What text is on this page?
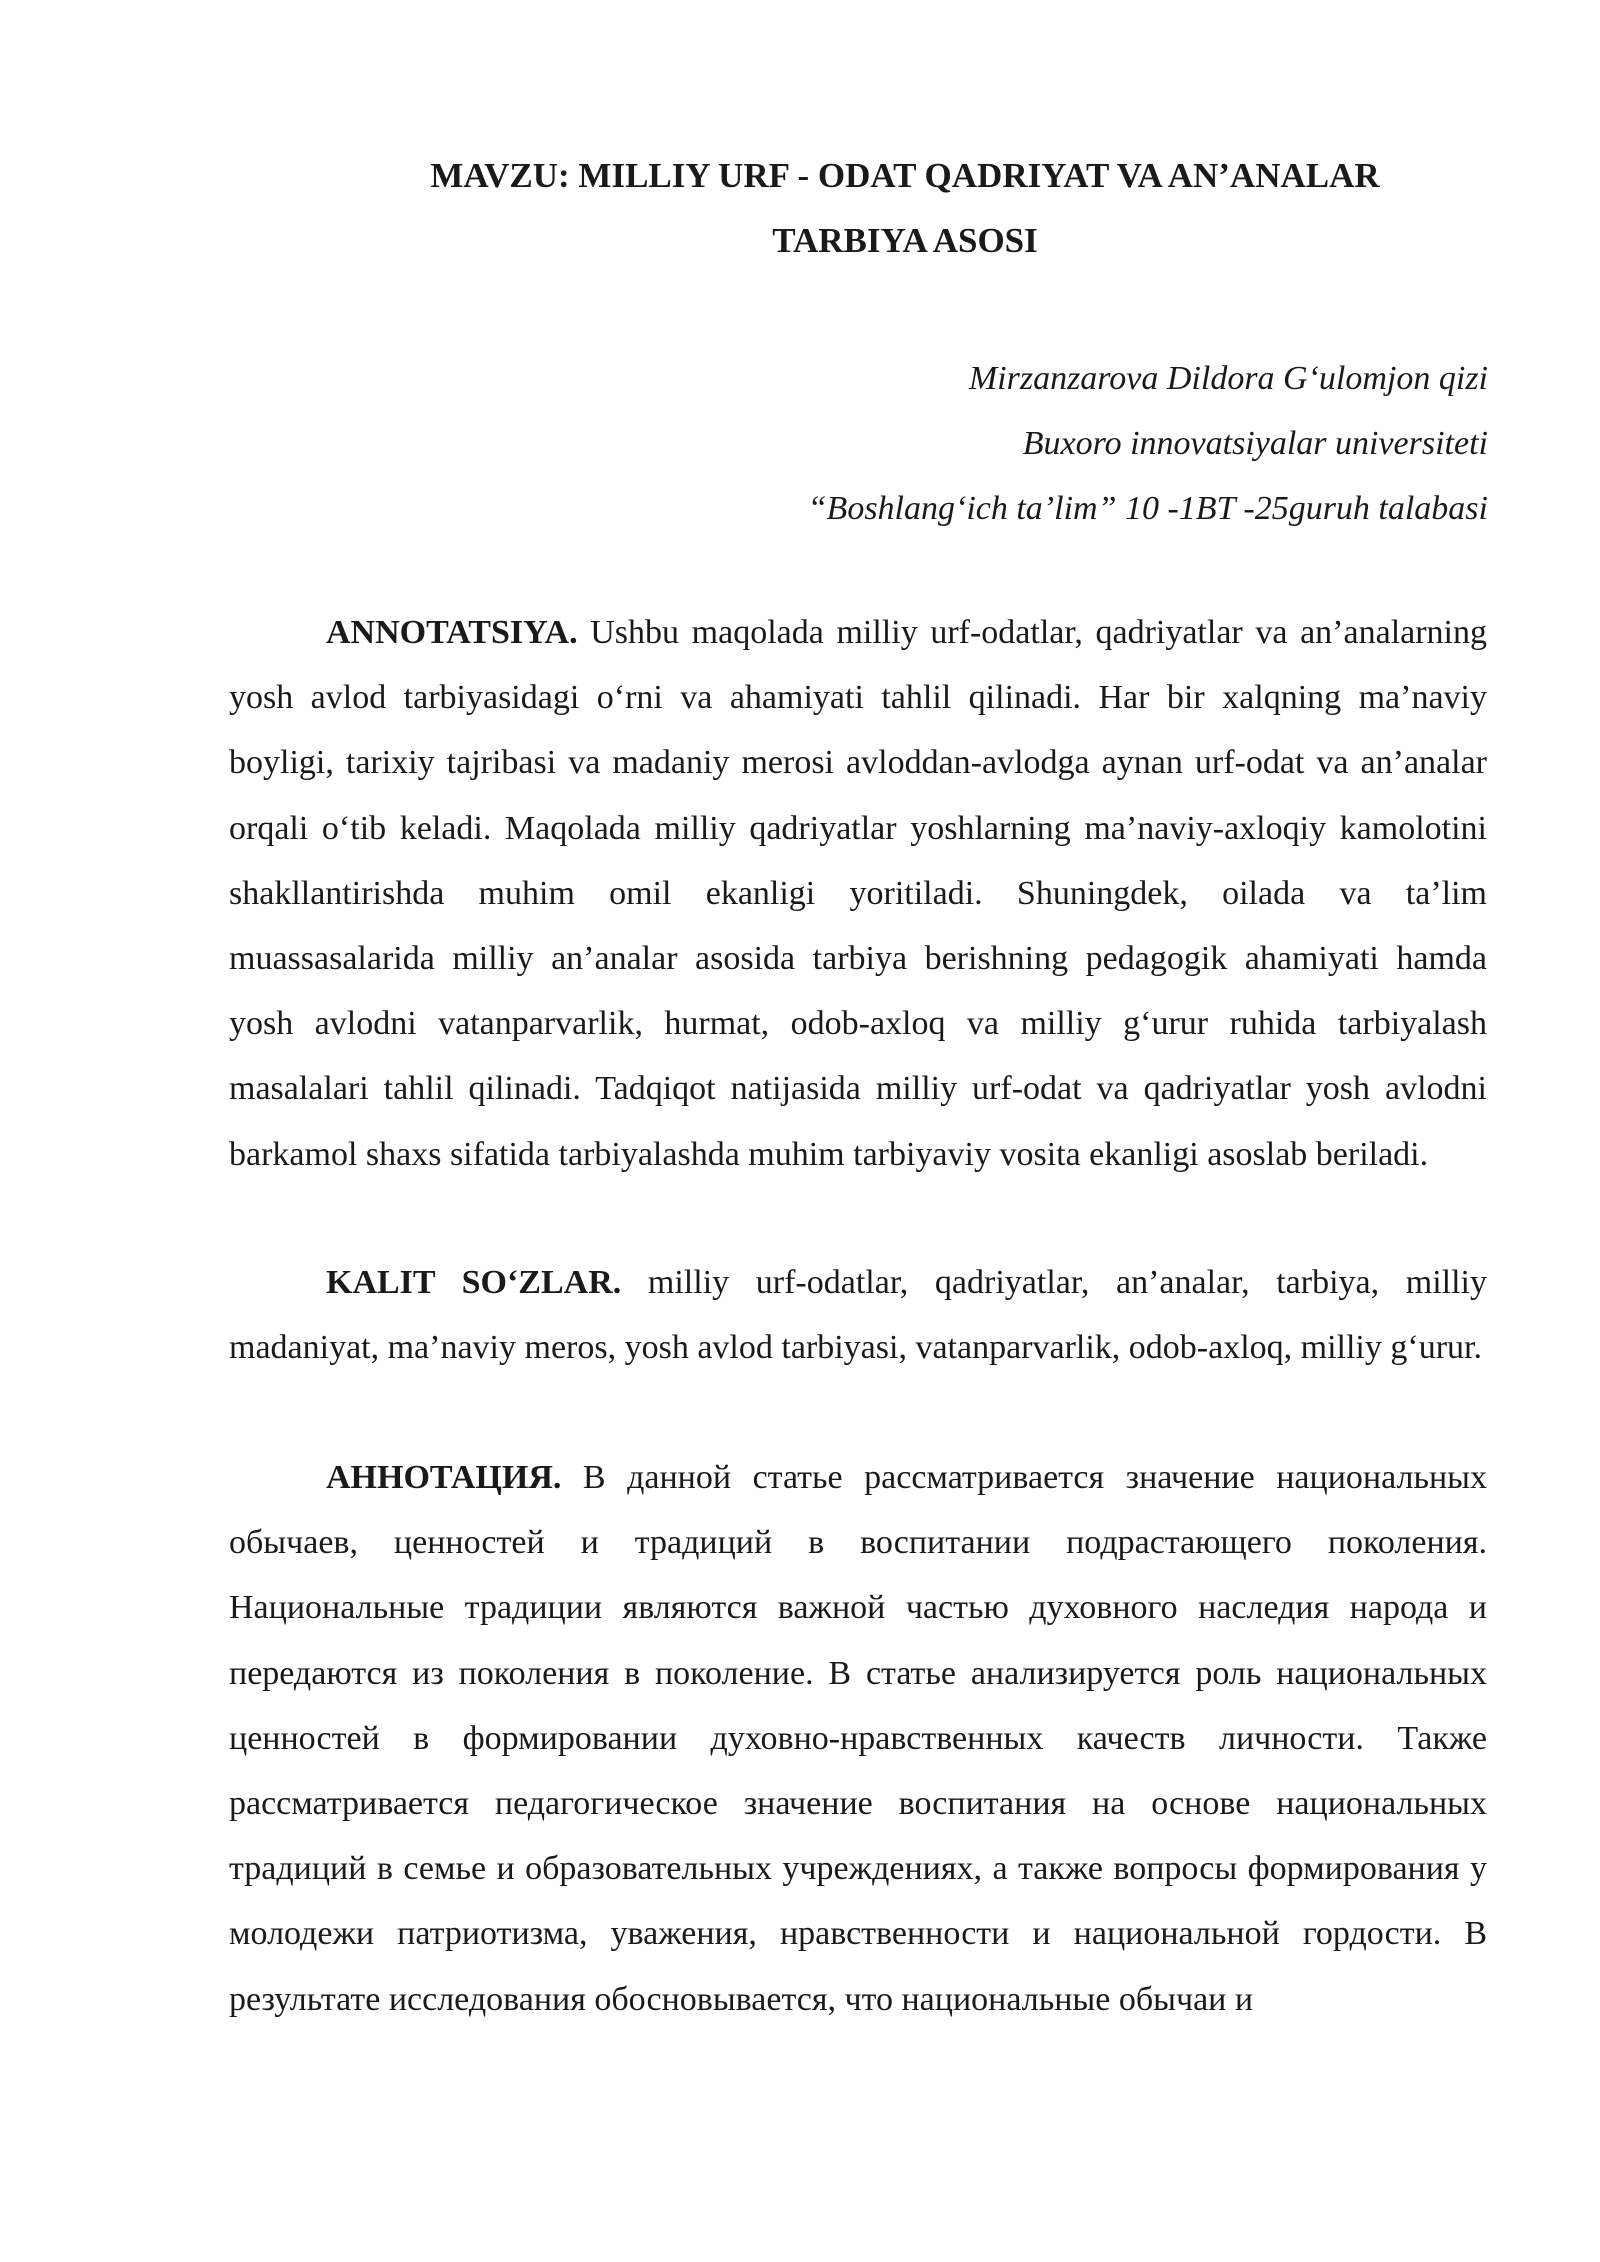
MAVZU: MILLIY URF - ODAT QADRIYAT VA AN’ANALAR
TARBIYA ASOSI
Mirzanzarova Dildora G‘ulomjon qizi
Buxoro innovatsiyalar universiteti
“Boshlang‘ich ta’lim” 10 -1BT -25guruh talabasi

ANNOTATSIYA. Ushbu maqolada milliy urf-odatlar, qadriyatlar va an’analarning yosh avlod tarbiyasidagi o‘rni va ahamiyati tahlil qilinadi. Har bir xalqning ma’naviy boyligi, tarixiy tajribasi va madaniy merosi avloddan-avlodga aynan urf-odat va an’analar orqali o‘tib keladi. Maqolada milliy qadriyatlar yoshlarning ma’naviy-axloqiy kamolotini shakllantirishda muhim omil ekanligi yoritiladi. Shuningdek, oilada va ta’lim muassasalarida milliy an’analar asosida tarbiya berishning pedagogik ahamiyati hamda yosh avlodni vatanparvarlik, hurmat, odob-axloq va milliy g‘urur ruhida tarbiyalash masalalari tahlil qilinadi. Tadqiqot natijasida milliy urf-odat va qadriyatlar yosh avlodni barkamol shaxs sifatida tarbiyalashda muhim tarbiyaviy vosita ekanligi asoslab beriladi.

KALIT SO‘ZLAR. milliy urf-odatlar, qadriyatlar, an’analar, tarbiya, milliy madaniyat, ma’naviy meros, yosh avlod tarbiyasi, vatanparvarlik, odob-axloq, milliy g‘urur.

АННОТАЦИЯ. В данной статье рассматривается значение национальных обычаев, ценностей и традиций в воспитании подрастающего поколения. Национальные традиции являются важной частью духовного наследия народа и передаются из поколения в поколение. В статье анализируется роль национальных ценностей в формировании духовно-нравственных качеств личности. Также рассматривается педагогическое значение воспитания на основе национальных традиций в семье и образовательных учреждениях, а также вопросы формирования у молодежи патриотизма, уважения, нравственности и национальной гордости. В результате исследования обосновывается, что национальные обычаи и
